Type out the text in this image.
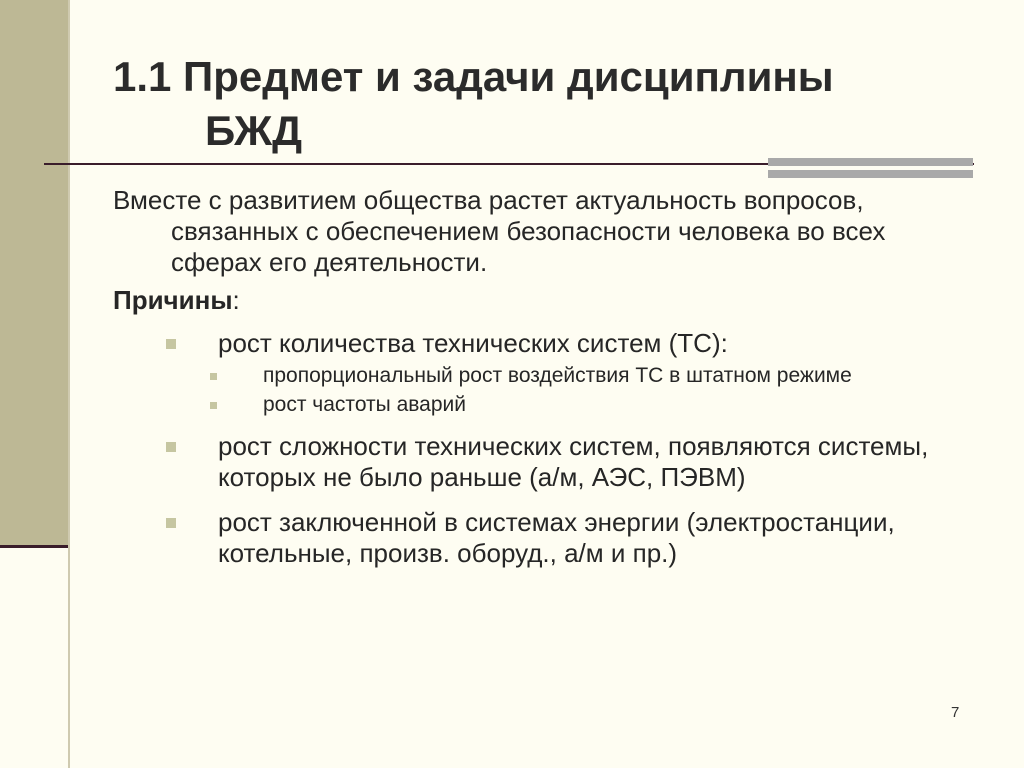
1.1 Предмет и задачи дисциплины
БЖД

Вместе с развитием общества растет актуальность вопросов, связанных с обеспечением безопасности человека во всех сферах его деятельности.

Причины:

рост количества технических систем (ТС):

пропорциональный рост воздействия ТС в штатном режиме

рост частоты аварий

рост сложности технических систем, появляются системы, которых не было раньше (а/м, АЭС, ПЭВМ)

рост заключенной в системах энергии (электростанции, котельные, произв. оборуд., а/м и пр.)

7
